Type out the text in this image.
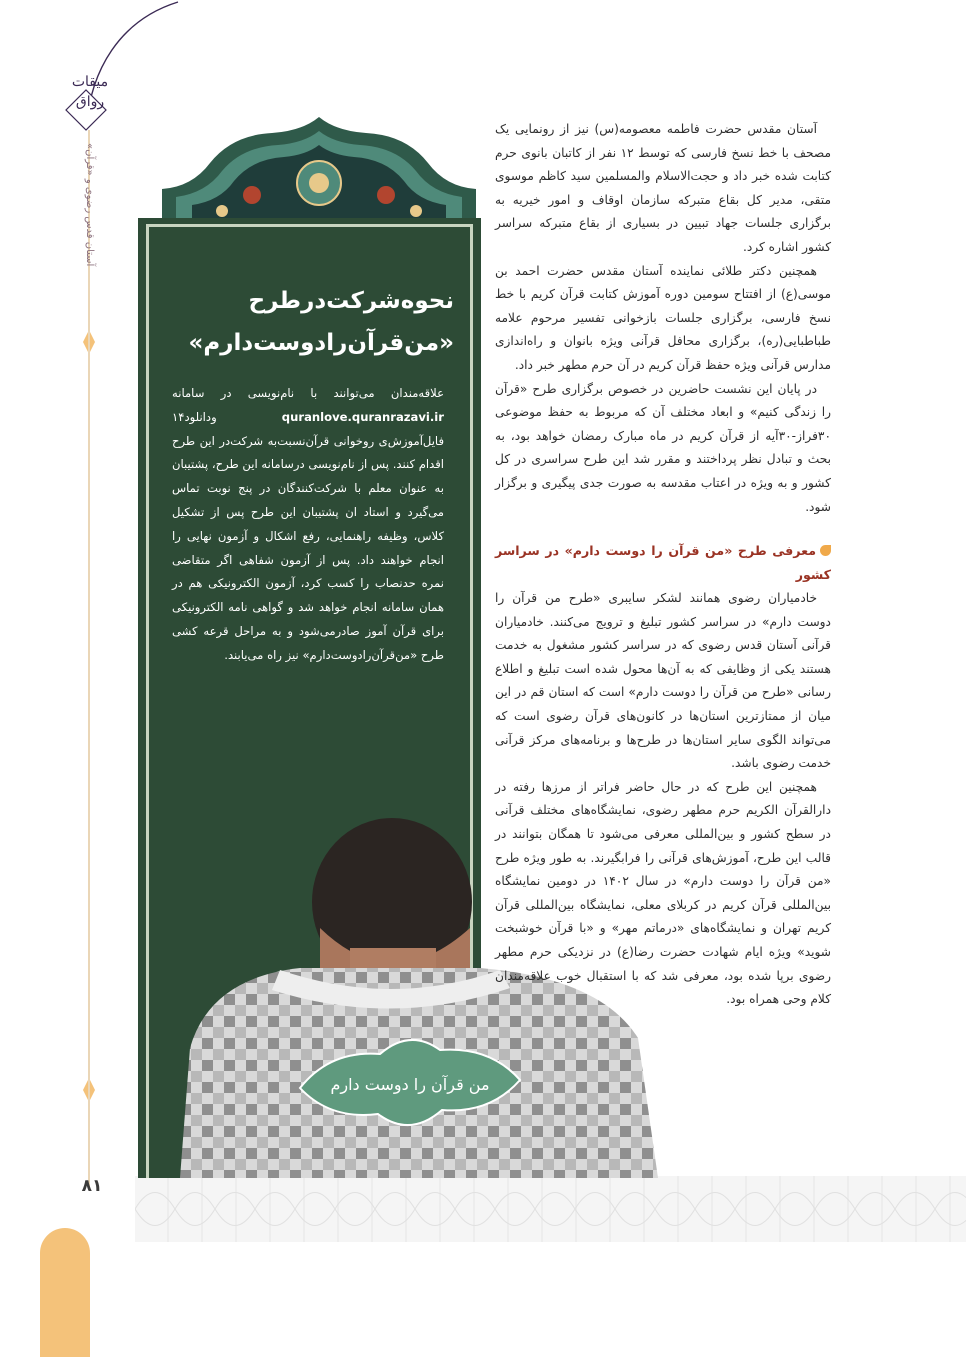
میقات رواق
آستان قدس رضوی و «قرآن»
۸۱
نحوه‌شرکت‌درطرح
«من‌قرآن‌رادوست‌دارم»
علاقه‌مندان می‌توانند با نام‌نویسی در سامانه quranlove.quranrazavi.ir ودانلود۱۴ فایل‌آموزش‌ی روخوانی قرآن‌نسبت‌به شرکت‌در این طرح اقدام کنند. پس از نام‌نویسی درسامانه این طرح، پشتیبان به عنوان معلم با شرکت‌کنندگان در پنج نوبت تماس می‌گیرد و استاد ان پشتیبان این طرح پس از تشکیل کلاس، وظیفه راهنمایی، رفع اشکال و آزمون نهایی را انجام خواهند داد. پس از آزمون شفاهی اگر متقاضی نمره حدنصاب را کسب کرد، آزمون الکترونیکی هم در همان سامانه انجام خواهد شد و گواهی نامه الکترونیکی برای قرآن آموز صادرمی‌شود و به مراحل قرعه کشی طرح «من‌قرآن‌رادوست‌دارم» نیز راه می‌یابند.
من قرآن را دوست دارم

آستان مقدس حضرت فاطمه معصومه(س) نیز از رونمایی یک مصحف با خط نسخ فارسی که توسط ۱۲ نفر از کاتبان بانوی حرم کتابت شده خبر داد و حجت‌الاسلام والمسلمین سید کاظم موسوی متقی، مدیر کل بقاع متبرکه سازمان اوقاف و امور خیریه به برگزاری جلسات جهاد تبیین در بسیاری از بقاع متبرکه سراسر کشور اشاره کرد.

همچنین دکتر طلائی نماینده آستان مقدس حضرت احمد بن موسی(ع) از افتتاح سومین دوره آموزش کتابت قرآن کریم با خط نسخ فارسی، برگزاری جلسات بازخوانی تفسیر مرحوم علامه طباطبایی(ره)، برگزاری محافل قرآنی ویژه بانوان و راه‌اندازی مدارس قرآنی ویژه حفظ قرآن کریم در آن حرم مطهر خبر داد.

در پایان این نشست حاضرین در خصوص برگزاری طرح «قرآن را زندگی کنیم» و ابعاد مختلف آن که مربوط به حفظ موضوعی ۳۰فراز-۳۰آیه از قرآن کریم در ماه مبارک رمضان خواهد بود، به بحث و تبادل نظر پرداختند و مقرر شد این طرح سراسری در کل کشور و به ویژه در اعتاب مقدسه به صورت جدی پیگیری و برگزار شود.

معرفی طرح «من قرآن را دوست دارم» در سراسر کشور

خادمیاران رضوی همانند لشکر سایبری «طرح من قرآن را دوست دارم» در سراسر کشور تبلیغ و ترویج می‌کنند. خادمیاران قرآنی آستان قدس رضوی که در سراسر کشور مشغول به خدمت هستند یکی از وظایفی که به آن‌ها محول شده است تبلیغ و اطلاع رسانی «طرح من قرآن را دوست دارم» است که استان قم در این میان از ممتازترین استان‌ها در کانون‌های قرآن رضوی است که می‌تواند الگوی سایر استان‌ها در طرح‌ها و برنامه‌های مرکز قرآنی خدمت رضوی باشد.

همچنین این طرح که در حال حاضر فراتر از مرزها رفته در دارالقرآن الکریم حرم مطهر رضوی، نمایشگاه‌های مختلف قرآنی در سطح کشور و بین‌المللی معرفی می‌شود تا همگان بتوانند در قالب این طرح، آموزش‌های قرآنی را فرابگیرند. به طور ویژه طرح «من قرآن را دوست دارم» در سال ۱۴۰۲ در دومین نمایشگاه بین‌المللی قرآن کریم در کربلای معلی، نمایشگاه بین‌المللی قرآن کریم تهران و نمایشگاه‌های «درماتم مهر» و «با قرآن خوشبخت شوید» ویژه ایام شهادت حضرت رضا(ع) در نزدیکی حرم مطهر رضوی برپا شده بود، معرفی شد که با استقبال خوب علاقه‌مندان کلام وحی همراه بود.
